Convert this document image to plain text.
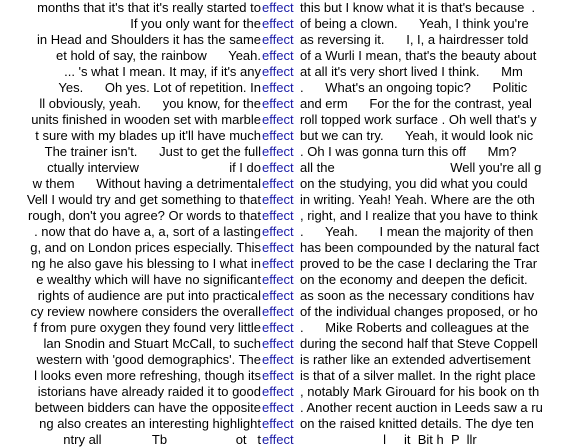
months that it's that it's really started to effect this but I know what it is that's because  .
If you only want for the effect of being a clown.      Yeah, I think you're
in Head and Shoulders it has the same effect as reversing it.      I, I, a hairdresser told
et hold of say, the rainbow      Yeah. effect of a Wurli I mean, that's the beauty about
... 's what I mean. It may, if it's any effect at all it's very short lived I think.      Mm
Yes.      Oh yes. Lot of repetition. In effect .      What's an ongoing topic?      Politic
ll obviously, yeah.      you know, for the effect and erm      For the for the contrast, yeal
units finished in wooden set with marble effect roll topped work surface . Oh well that's y
t sure with my blades up it'll have much effect but we can try.      Yeah, it would look nic
The trainer isn't.      Just to get the full effect . Oh I was gonna turn this off      Mm?
ctually interview                         if I do effect all the                                Well you're all g
w them      Without having a detrimental effect on the studying, you did what you could
Vell I would try and get something to that effect in writing. Yeah! Yeah. Where are the oth
rough, don't you agree? Or words to that effect , right, and I realize that you have to think
. now that do have a, a, sort of a lasting effect .      Yeah.      I mean the majority of then
g, and on London prices especially. This effect has been compounded by the natural fact
ng he also gave his blessing to I what in effect proved to be the case I declaring the Trar
e wealthy which will have no significant effect on the economy and deepen the deficit.
rights of audience are put into practical effect as soon as the necessary conditions hav
cy review nowhere considers the overall effect of the individual changes proposed, or ho
f from pure oxygen they found very little effect .      Mike Roberts and colleagues at the
lan Snodin and Stuart McCall, to such effect during the second half that Steve Coppell
western with 'good demographics'. The effect is rather like an extended advertisement
l looks even more refreshing, though its effect is that of a silver mallet. In the right place
istorians have already raided it to good effect , notably Mark Girouard for his book on th
between bidders can have the opposite effect . Another recent auction in Leeds saw a ru
ng also creates an interesting highlight effect on the raised knitted details. The dye ten
ntry all              Tb                   ot   t effect l     it  Bit h  P  llr
